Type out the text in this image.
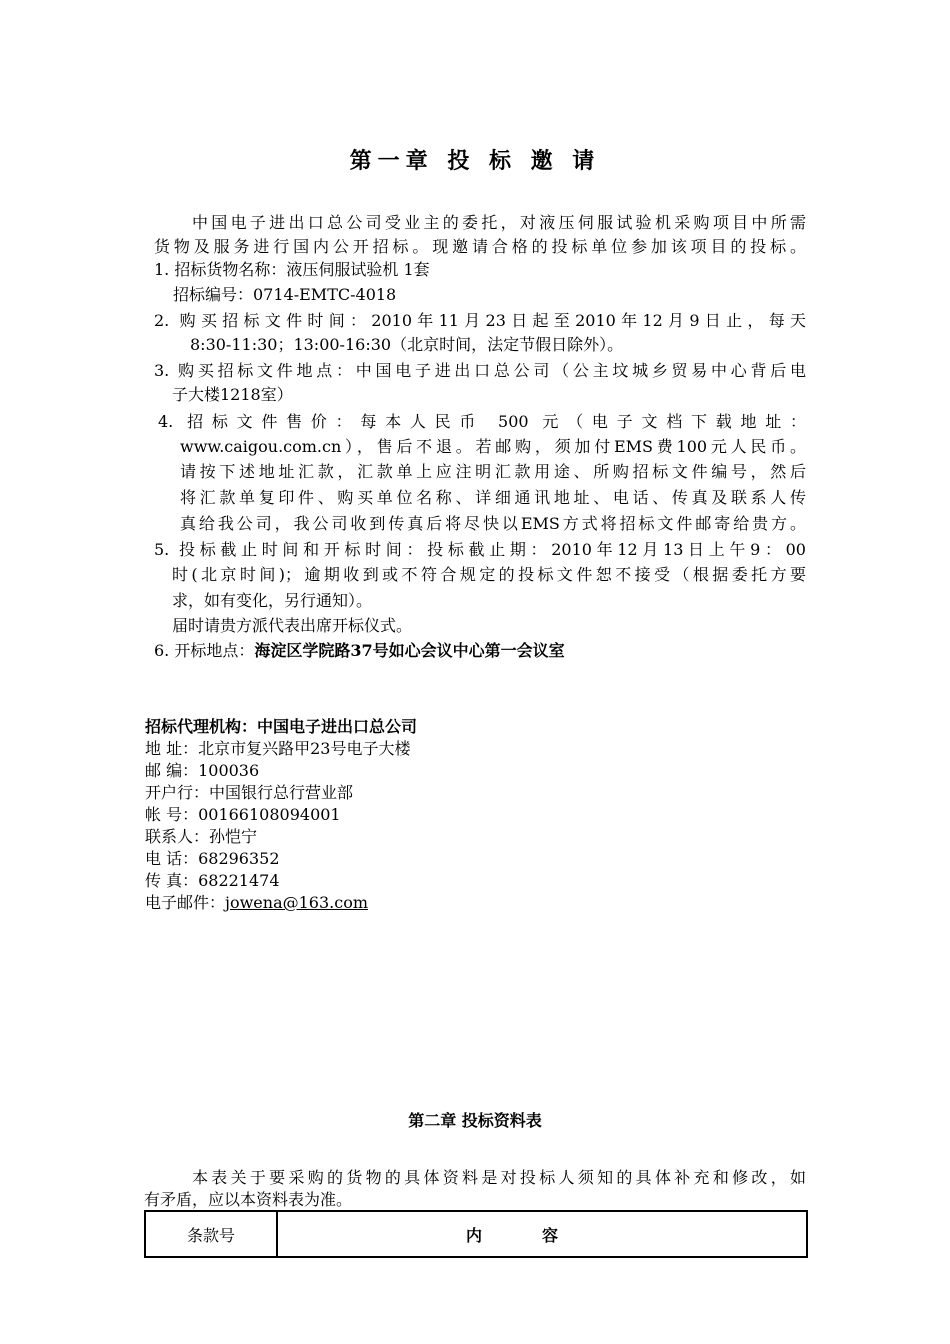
第一章 投 标 邀 请
中国电子进出口总公司受业主的委托，对液压伺服试验机采购项目中所需
货物及服务进行国内公开招标。现邀请合格的投标单位参加该项目的投标。
1. 招标货物名称：液压伺服试验机 1套
招标编号：0714-EMTC-4018
2. 购买招标文件时间：2010年11月23日起至2010年12月9日止，每天
8:30-11:30；13:00-16:30（北京时间，法定节假日除外）。
3. 购买招标文件地点：中国电子进出口总公司（公主坟城乡贸易中心背后电
子大楼1218室）
4. 招标文件售价：每本人民币 500 元（电子文档下载地址：
www.caigou.com.cn），售后不退。若邮购，须加付EMS费100元人民币。
请按下述地址汇款，汇款单上应注明汇款用途、所购招标文件编号，然后
将汇款单复印件、购买单位名称、详细通讯地址、电话、传真及联系人传
真给我公司，我公司收到传真后将尽快以EMS方式将招标文件邮寄给贵方。
5. 投标截止时间和开标时间：投标截止期：2010年12月13日上午9：00
时(北京时间)；逾期收到或不符合规定的投标文件恕不接受（根据委托方要
求，如有变化，另行通知）。
届时请贵方派代表出席开标仪式。
6. 开标地点：海淀区学院路37号如心会议中心第一会议室
招标代理机构：中国电子进出口总公司
地 址：北京市复兴路甲23号电子大楼
邮 编：100036
开户行：中国银行总行营业部
帐 号：00166108094001
联系人：孙恺宁
电 话：68296352
传 真：68221474
电子邮件：jowena@163.com
第二章 投标资料表
本表关于要采购的货物的具体资料是对投标人须知的具体补充和修改，如
有矛盾，应以本资料表为准。
条款号	内容
